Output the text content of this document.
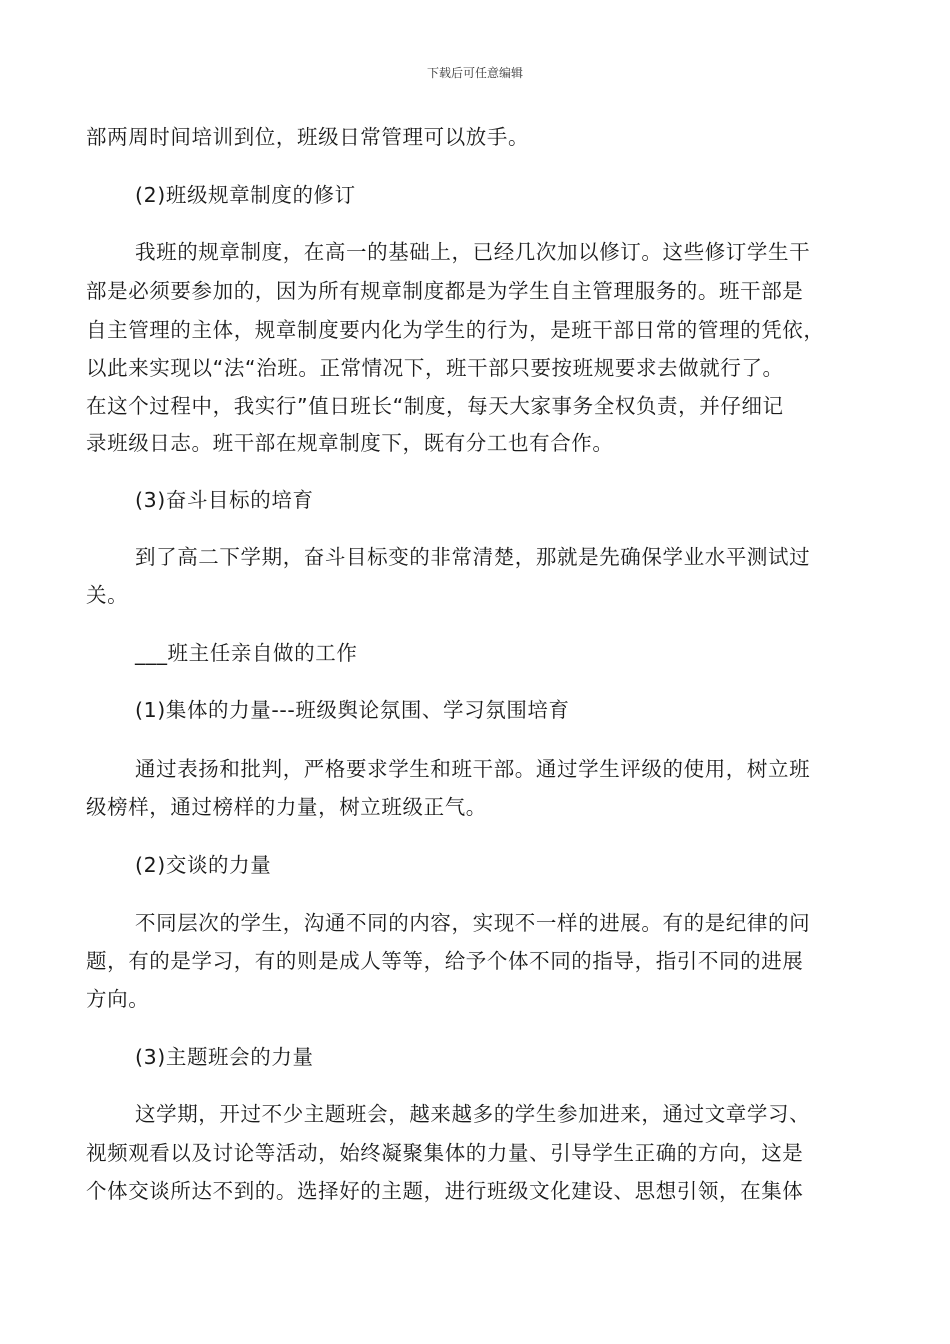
下载后可任意编辑
部两周时间培训到位，班级日常管理可以放手。
(2)班级规章制度的修订
我班的规章制度，在高一的基础上，已经几次加以修订。这些修订学生干
部是必须要参加的，因为所有规章制度都是为学生自主管理服务的。班干部是
自主管理的主体，规章制度要内化为学生的行为，是班干部日常的管理的凭依，
以此来实现以“法“治班。正常情况下，班干部只要按班规要求去做就行了。
在这个过程中，我实行”值日班长“制度，每天大家事务全权负责，并仔细记
录班级日志。班干部在规章制度下，既有分工也有合作。
(3)奋斗目标的培育
到了高二下学期，奋斗目标变的非常清楚，那就是先确保学业水平测试过
关。
___班主任亲自做的工作
(1)集体的力量---班级舆论氛围、学习氛围培育
通过表扬和批判，严格要求学生和班干部。通过学生评级的使用，树立班
级榜样，通过榜样的力量，树立班级正气。
(2)交谈的力量
不同层次的学生，沟通不同的内容，实现不一样的进展。有的是纪律的问
题，有的是学习，有的则是成人等等，给予个体不同的指导，指引不同的进展
方向。
(3)主题班会的力量
这学期，开过不少主题班会，越来越多的学生参加进来，通过文章学习、
视频观看以及讨论等活动，始终凝聚集体的力量、引导学生正确的方向，这是
个体交谈所达不到的。选择好的主题，进行班级文化建设、思想引领，在集体
